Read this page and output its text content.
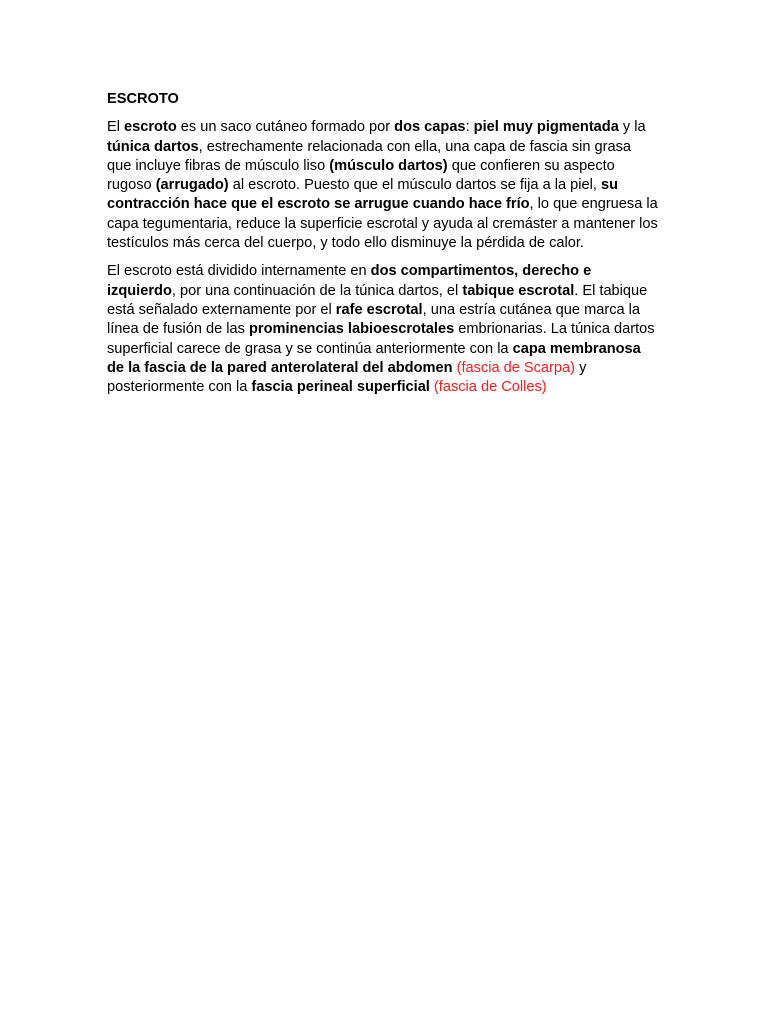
ESCROTO

El escroto es un saco cutáneo formado por dos capas: piel muy pigmentada y la túnica dartos, estrechamente relacionada con ella, una capa de fascia sin grasa que incluye fibras de músculo liso (músculo dartos) que confieren su aspecto rugoso (arrugado) al escroto. Puesto que el músculo dartos se fija a la piel, su contracción hace que el escroto se arrugue cuando hace frío, lo que engruesa la capa tegumentaria, reduce la superficie escrotal y ayuda al cremáster a mantener los testículos más cerca del cuerpo, y todo ello disminuye la pérdida de calor.

El escroto está dividido internamente en dos compartimentos, derecho e izquierdo, por una continuación de la túnica dartos, el tabique escrotal. El tabique está señalado externamente por el rafe escrotal, una estría cutánea que marca la línea de fusión de las prominencias labioescrotales embrionarias. La túnica dartos superficial carece de grasa y se continúa anteriormente con la capa membranosa de la fascia de la pared anterolateral del abdomen (fascia de Scarpa) y posteriormente con la fascia perineal superficial (fascia de Colles)
